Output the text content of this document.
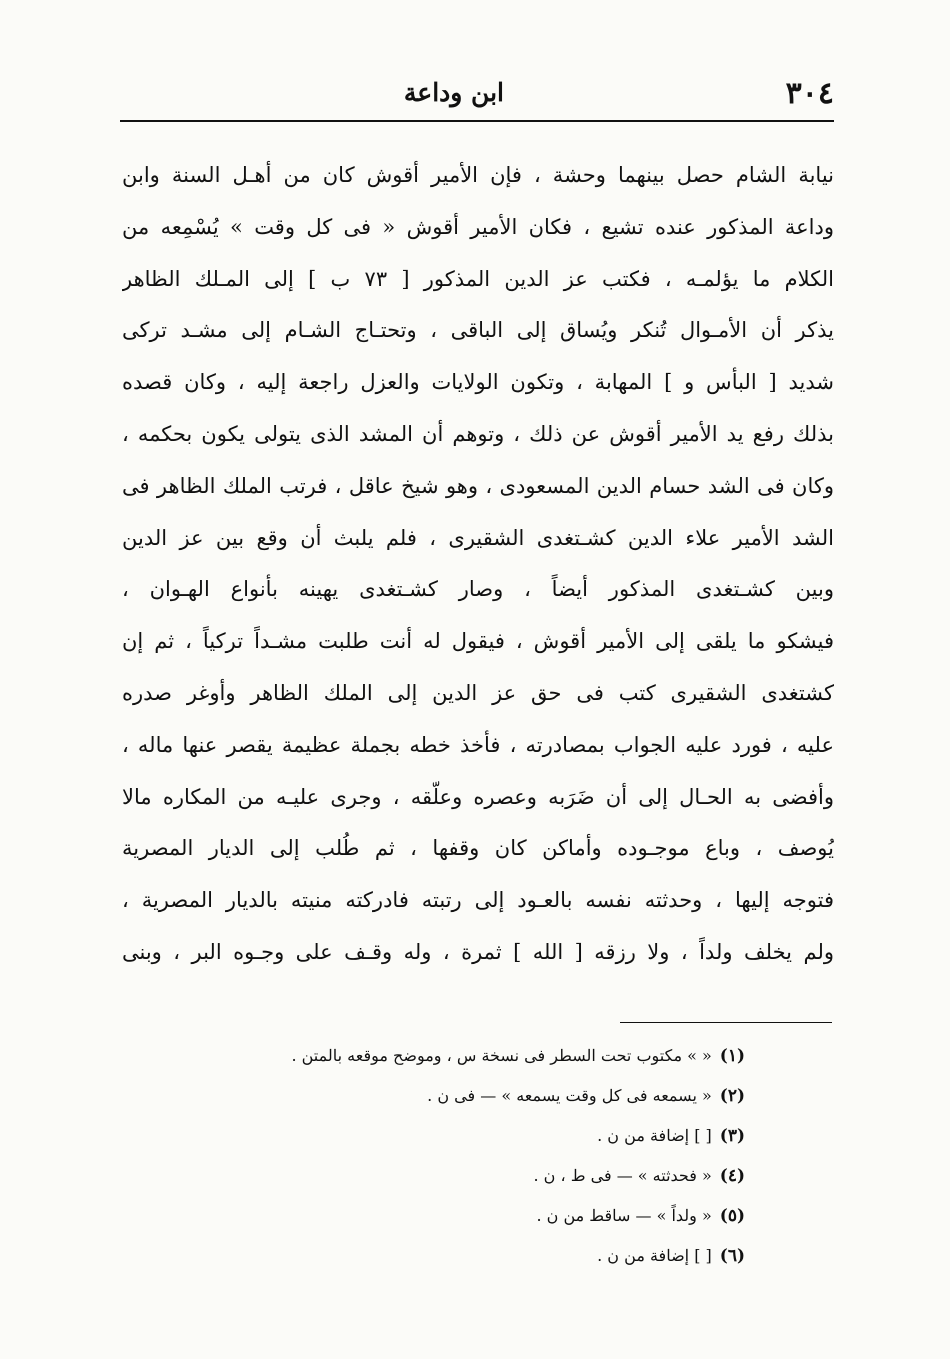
٣٠٤
ابن وداعة
نيابة الشام حصل بينهما وحشة ، فإن الأمير أقوش كان من أهـل السنة وابن
وداعة المذكور عنده تشيع ، فكان الأمير أقوش « فى كل وقت » يُسْمِعه من
الكلام ما يؤلمـه ، فكتب عز الدين المذكور [ ٧٣ ب ] إلى المـلك الظاهر
يذكر أن الأمـوال تُنكر ويُساق إلى الباقى ، وتحتـاج الشـام إلى مشـد تركى
شديد [ البأس و ] المهابة ، وتكون الولايات والعزل راجعة إليه ، وكان قصده
بذلك رفع يد الأمير أقوش عن ذلك ، وتوهم أن المشد الذى يتولى يكون بحكمه ،
وكان فى الشد حسام الدين المسعودى ، وهو شيخ عاقل ، فرتب الملك الظاهر فى
الشد الأمير علاء الدين كشـتغدى الشقيرى ، فلم يلبث أن وقع بين عز الدين
وبين كشـتغدى المذكور أيضاً ، وصار كشـتغدى يهينه بأنواع الهـوان ،
فيشكو ما يلقى إلى الأمير أقوش ، فيقول له أنت طلبت مشـداً تركياً ، ثم إن
كشتغدى الشقيرى كتب فى حق عز الدين إلى الملك الظاهر وأوغر صدره
عليه ، فورد عليه الجواب بمصادرته ، فأخذ خطه بجملة عظيمة يقصر عنها ماله ،
وأفضى به الحـال إلى أن ضَرَبه وعصره وعلّقه ، وجرى عليـه من المكاره مالا
يُوصف ، وباع موجـوده وأماكن كان وقفها ، ثم طُلب إلى الديار المصرية
فتوجه إليها ، وحدثته نفسه بالعـود إلى رتبته فادركته منيته بالديار المصرية ،
ولم يخلف ولداً ، ولا رزقه [ الله ] ثمرة ، وله وقـف على وجـوه البر ، وبنى
(١)« » مكتوب تحت السطر فى نسخة س ، وموضح موقعه بالمتن .
(٢)« يسمعه فى كل وقت يسمعه » — فى ن .
(٣)[ ] إضافة من ن .
(٤)« فحدثته » — فى ط ، ن .
(٥)« ولداً » — ساقط من ن .
(٦)[ ] إضافة من ن .
